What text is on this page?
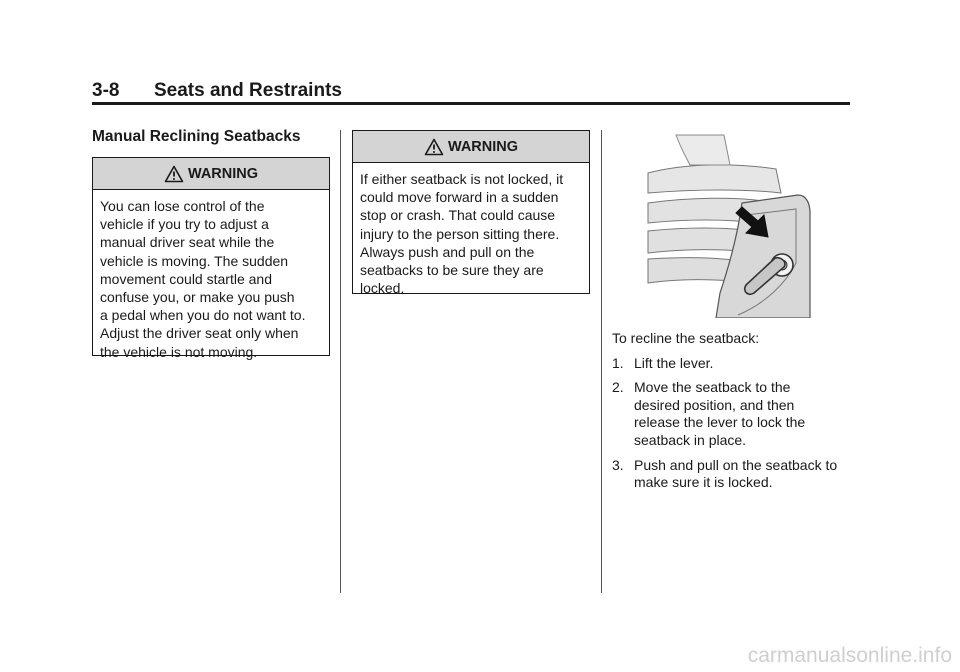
3-8 Seats and Restraints
Manual Reclining Seatbacks
WARNING
You can lose control of the
vehicle if you try to adjust a
manual driver seat while the
vehicle is moving. The sudden
movement could startle and
confuse you, or make you push
a pedal when you do not want to.
Adjust the driver seat only when
the vehicle is not moving.
WARNING
If either seatback is not locked, it
could move forward in a sudden
stop or crash. That could cause
injury to the person sitting there.
Always push and pull on the
seatbacks to be sure they are
locked.

To recline the seatback:

1. Lift the lever.
2. Move the seatback to the
desired position, and then
release the lever to lock the
seatback in place.
3. Push and pull on the seatback to
make sure it is locked.
carmanualsonline.info
